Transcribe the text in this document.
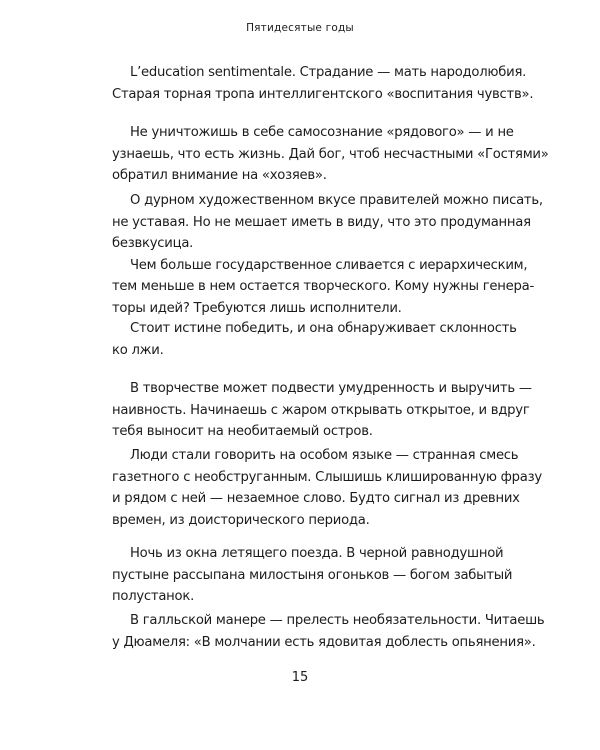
Пятидесятые годы
L’education sentimentale. Страдание — мать народолюбия.
Старая торная тропа интеллигентского «воспитания чувств».
Не уничтожишь в себе самосознание «рядового» — и не
узнаешь, что есть жизнь. Дай бог, чтоб несчастными «Гостями»
обратил внимание на «хозяев».
О дурном художественном вкусе правителей можно писать,
не уставая. Но не мешает иметь в виду, что это продуманная
безвкусица.
Чем больше государственное сливается с иерархическим,
тем меньше в нем остается творческого. Кому нужны генера-
торы идей? Требуются лишь исполнители.
Стоит истине победить, и она обнаруживает склонность
ко лжи.
В творчестве может подвести умудренность и выручить —
наивность. Начинаешь с жаром открывать открытое, и вдруг
тебя выносит на необитаемый остров.
Люди стали говорить на особом языке — странная смесь
газетного с необструганным. Слышишь клишированную фразу
и рядом с ней — незаемное слово. Будто сигнал из древних
времен, из доисторического периода.
Ночь из окна летящего поезда. В черной равнодушной
пустыне рассыпана милостыня огоньков — богом забытый
полустанок.
В галльской манере — прелесть необязательности. Читаешь
у Дюамеля: «В молчании есть ядовитая доблесть опьянения».
15
